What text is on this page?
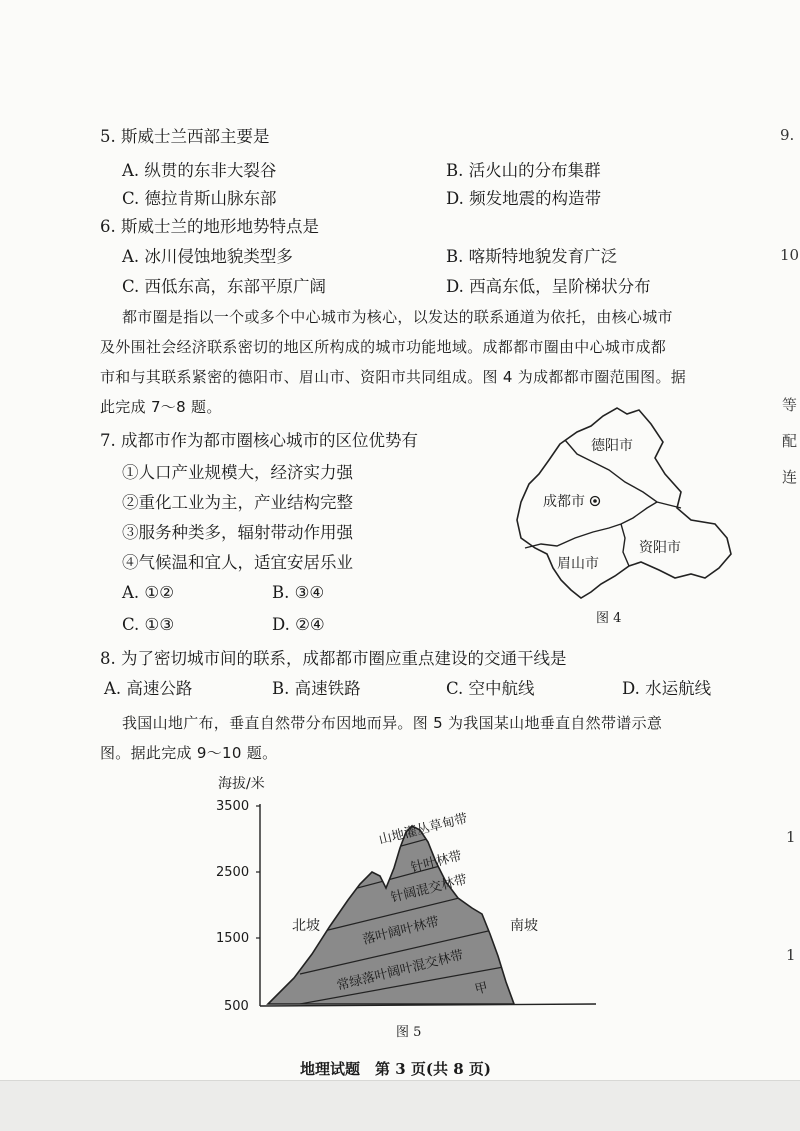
5. 斯威士兰西部主要是
A. 纵贯的东非大裂谷	B. 活火山的分布集群
C. 德拉肯斯山脉东部	D. 频发地震的构造带
6. 斯威士兰的地形地势特点是
A. 冰川侵蚀地貌类型多	B. 喀斯特地貌发育广泛
C. 西低东高，东部平原广阔	D. 西高东低，呈阶梯状分布
都市圈是指以一个或多个中心城市为核心，以发达的联系通道为依托，由核心城市
及外围社会经济联系密切的地区所构成的城市功能地域。成都都市圈由中心城市成都
市和与其联系紧密的德阳市、眉山市、资阳市共同组成。图 4 为成都都市圈范围图。据
此完成 7～8 题。
7. 成都市作为都市圈核心城市的区位优势有
①人口产业规模大，经济实力强
②重化工业为主，产业结构完整
③服务种类多，辐射带动作用强
④气候温和宜人，适宜安居乐业
A. ①②	B. ③④
C. ①③	D. ②④
德阳市
成都市
眉山市
资阳市
图 4
8. 为了密切城市间的联系，成都都市圈应重点建设的交通干线是
A. 高速公路	B. 高速铁路	C. 空中航线	D. 水运航线
我国山地广布，垂直自然带分布因地而异。图 5 为我国某山地垂直自然带谱示意
图。据此完成 9～10 题。
海拔/米
3500
2500
1500
500
北坡	南坡
山地灌丛草甸带
针叶林带
针阔混交林带
落叶阔叶林带
常绿落叶阔叶混交林带 甲
图 5
地理试题　第 3 页(共 8 页)
9.
10
等
配
连
1
1
